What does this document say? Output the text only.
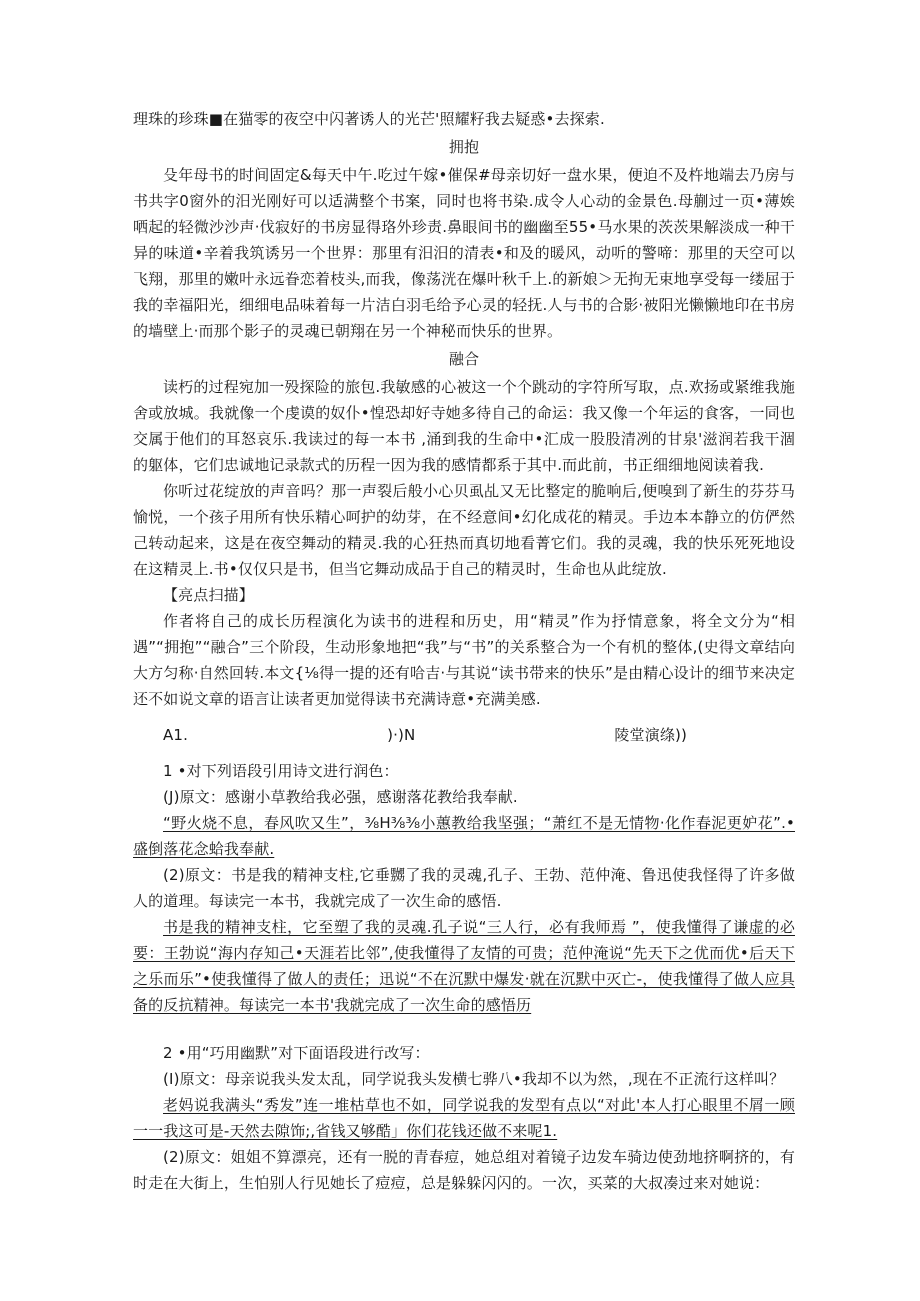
理珠的珍珠■在猫零的夜空中闪著诱人的光芒'照耀籽我去疑惑•去探索.

拥抱

殳年母书的时间固定&每天中午.吃过午嫁•催保#母亲切好一盘水果，便迫不及杵地端去乃房与书共字0窗外的汨光刚好可以适满整个书案，同时也将书染.成令人心动的金景色.母蒯过一页•薄娭哂起的轻微沙沙声·伐寂好的书房显得珞外珍责.鼻眼间书的幽幽至55•马水果的茨茨果解淡成一种干异的味道•辛着我筑诱另一个世界：那里有汨汨的清表•和及的暖风，动听的警啼：那里的天空可以飞翔，那里的嫩叶永远眷恋着枝头,而我，像荡洸在爆叶秋千上.的新娘＞无拘无束地享受每一缕屈于我的幸福阳光，细细电品味着每一片洁白羽毛给予心灵的轻抚.人与书的合影·被阳光懒懒地印在书房的墙壁上·而那个影子的灵魂已朝翔在另一个神秘而快乐的世界。

融合

读朽的过程宛加一殁探险的旅包.我敏感的心被这一个个跳动的字符所写取，点.欢扬或紧维我施舍或放城。我就像一个虔谟的奴仆•惶恐却好寺她多待自己的命运：我又像一个年运的食客，一同也交属于他们的耳怒哀乐.我读过的每一本书 ,涌到我的生命中•汇成一股股清冽的甘泉'滋润若我干涸的躯体，它们忠诚地记录款式的历程一因为我的感情都系于其中.而此前，书正细细地阅读着我.

你听过花绽放的声音吗？那一声裂后般小心贝虱乩又无比整定的脆响后,便嗅到了新生的芬芬马愉悦，一个孩子用所有快乐精心呵护的幼芽，在不经意间•幻化成花的精灵。手边本本静立的仿俨然己转动起来，这是在夜空舞动的精灵.我的心狂热而真切地看菁它们。我的灵魂，我的快乐死死地设在这精灵上.书•仅仅只是书，但当它舞动成品于自己的精灵时，生命也从此绽放.

【亮点扫描】

作者将自己的成长历程演化为读书的进程和历史，用“精灵”作为抒情意象，将全文分为“相遇”“拥抱”“融合”三个阶段，生动形象地把“我”与“书”的关系整合为一个有机的整体,(史得文章结向大方匀称·自然回转.本文{⅛得一提的还有哈吉·与其说“读书带来的快乐”是由精心设计的细节来决定还不如说文章的语言让读者更加觉得读书充满诗意•充满美感.

A1.	)·)N	陵堂演绦))

1 •对下列语段引用诗文进行润色：

(J)原文：感谢小草教给我必强，感谢落花教给我奉献.

“野火烧不息，春风吹又生”，⅜H⅜⅜小蕙教给我坚强；“萧红不是无情物·化作春泥更妒花”.•盛倒落花念蛤我奉献.

(2)原文：书是我的精神支柱,它垂嬲了我的灵魂,孔子、王勃、范仲淹、鲁迅使我怪得了许多做人的道理。每读完一本书，我就完成了一次生命的感悟.

书是我的精神支柱，它至塑了我的灵魂.孔子说“三人行，必有我师焉 ”，使我懂得了谦虚的必要：王勃说“海内存知己•天涯若比邻”,使我懂得了友情的可贵；范仲淹说“先天下之优而优•后天下之乐而乐”•使我懂得了做人的责任；迅说“不在沉默中爆发·就在沉默中灭亡-，使我懂得了做人应具备的反抗精神。每读完一本书'我就完成了一次生命的感悟历

2 •用“巧用幽默”对下面语段进行改写：

(I)原文：母亲说我头发太乱，同学说我头发横七骅八•我却不以为然，,现在不正流行这样叫？

老妈说我满头“秀发”连一堆枯草也不如，同学说我的发型有点以“对此'本人打心眼里不屑一顾一一我这可是-天然去隙饰;,省钱又够酷」你们花钱还做不来呢1.

(2)原文：姐姐不算漂亮，还有一脱的青春痘，她总组对着镜子边发车骑边使劲地挤啊挤的，有时走在大街上，生怕别人行见她长了痘痘，总是躲躲闪闪的。一次，买菜的大叔凑过来对她说：
